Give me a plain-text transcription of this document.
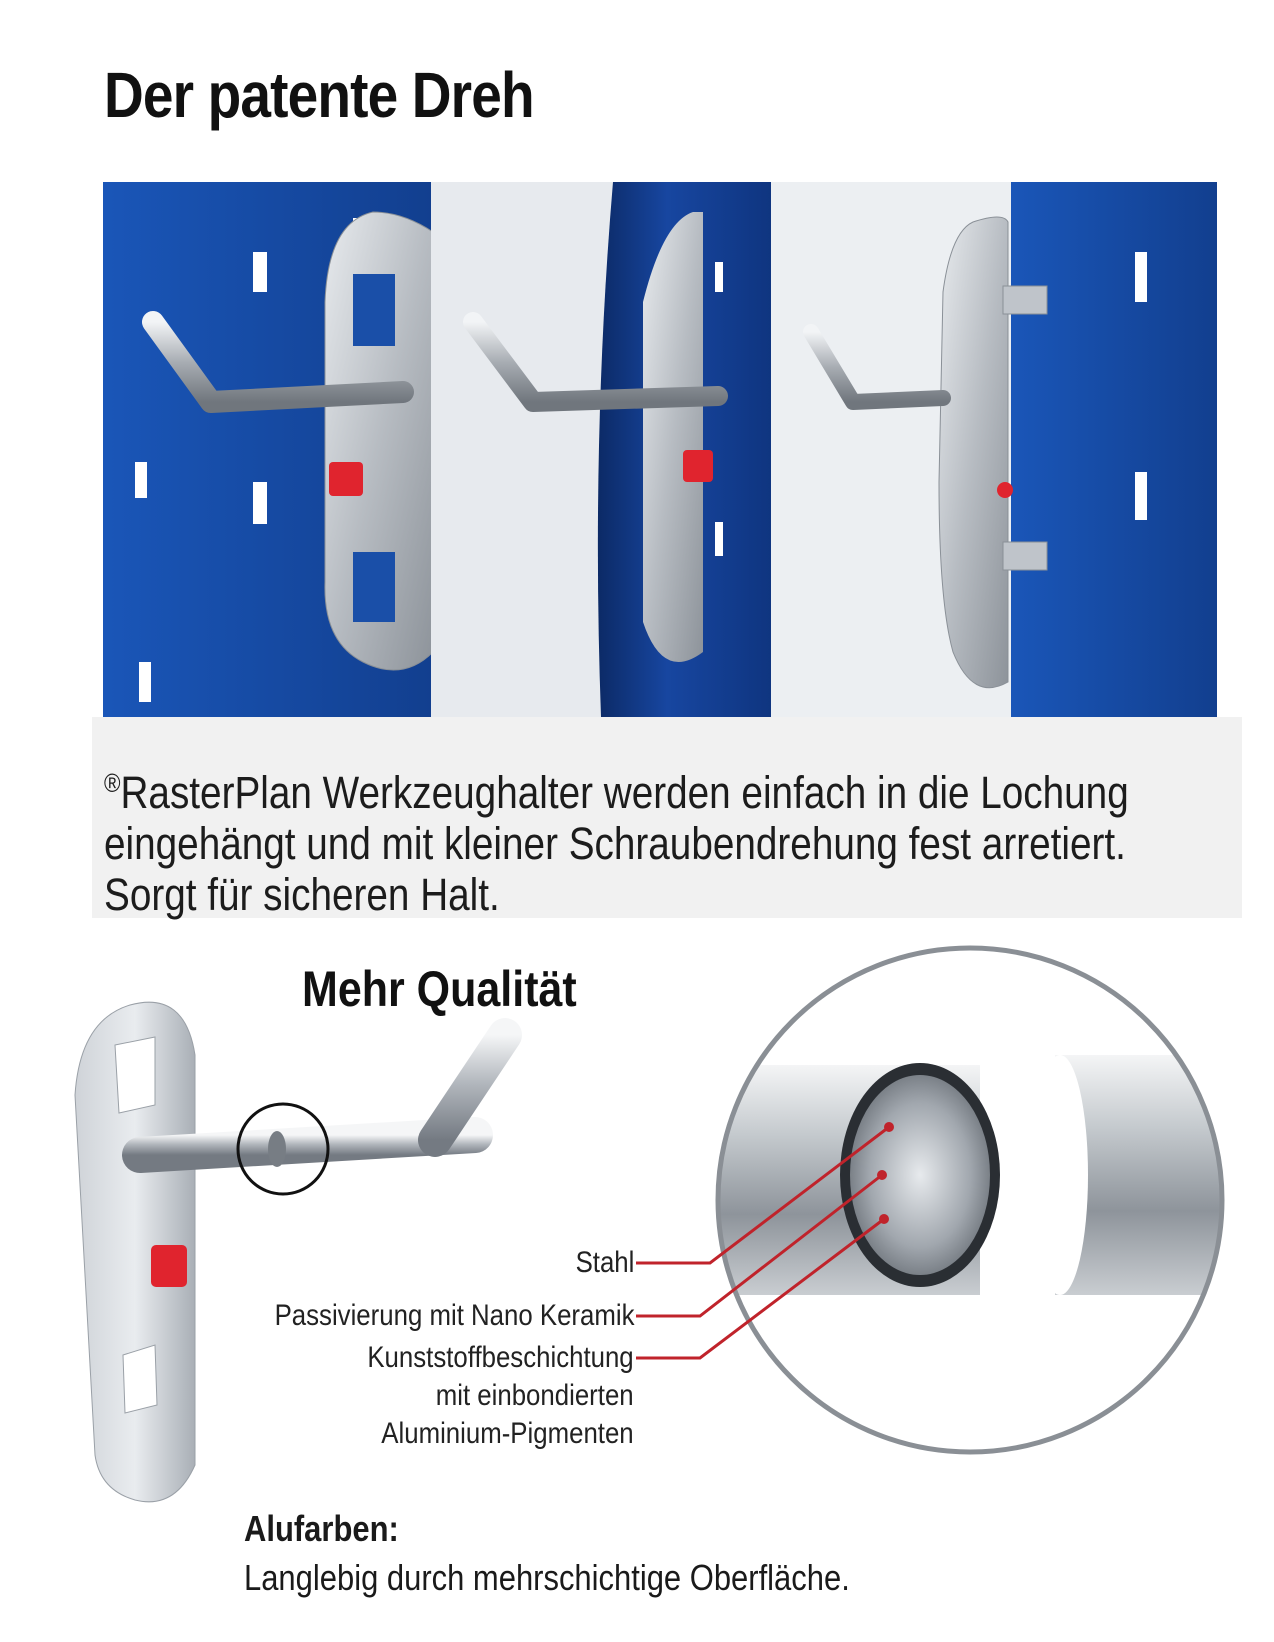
Der patente Dreh
®RasterPlan Werkzeughalter werden einfach in die Lochung
eingehängt und mit kleiner Schraubendrehung fest arretiert.
Sorgt für sicheren Halt.
Mehr Qualität
Stahl
Passivierung mit Nano Keramik
Kunststoffbeschichtung
mit einbondierten
Aluminium-Pigmenten
Alufarben:
Langlebig durch mehrschichtige Oberfläche.
